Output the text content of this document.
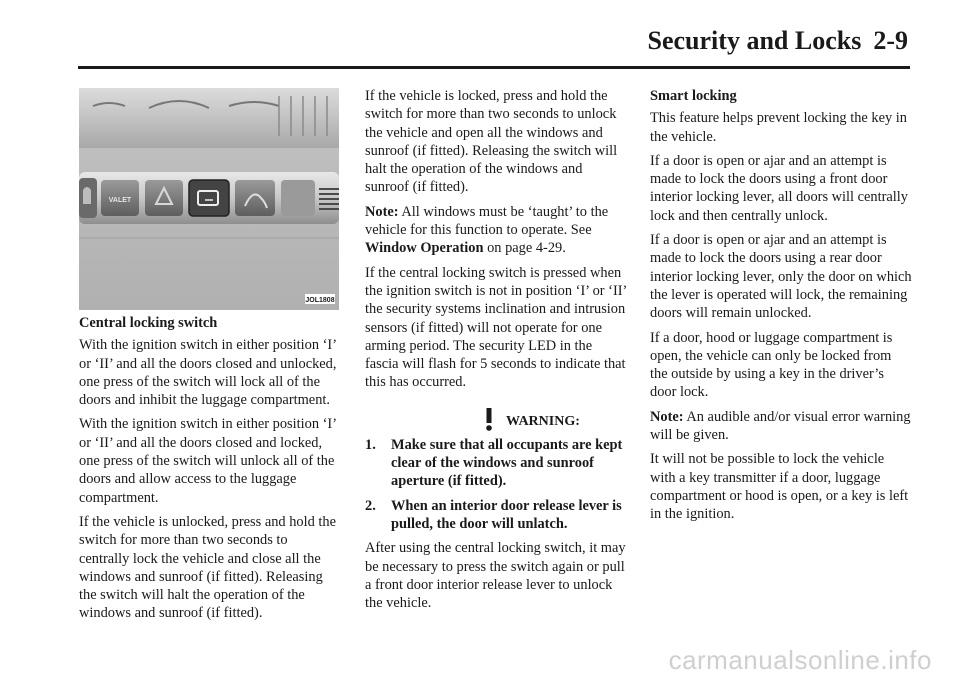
Security and Locks 2-9
VALET
JOL1808

Central locking switch

With the ignition switch in either position ‘I’ or ‘II’ and all the doors closed and unlocked, one press of the switch will lock all of the doors and inhibit the luggage compartment.

With the ignition switch in either position ‘I’ or ‘II’ and all the doors closed and locked, one press of the switch will unlock all of the doors and allow access to the luggage compartment.

If the vehicle is unlocked, press and hold the switch for more than two seconds to centrally lock the vehicle and close all the windows and sunroof (if fitted). Releasing the switch will halt the operation of the windows and sunroof (if fitted).

If the vehicle is locked, press and hold the switch for more than two seconds to unlock the vehicle and open all the windows and sunroof (if fitted). Releasing the switch will halt the operation of the windows and sunroof (if fitted).

Note: All windows must be ‘taught’ to the vehicle for this function to operate. See Window Operation on page 4-29.

If the central locking switch is pressed when the ignition switch is not in position ‘I’ or ‘II’ the security systems inclination and intrusion sensors (if fitted) will not operate for one arming period. The security LED in the fascia will flash for 5 seconds to indicate that this has occurred.

WARNING:
1.	Make sure that all occupants are kept clear of the windows and sunroof aperture (if fitted).
2.	When an interior door release lever is pulled, the door will unlatch.

After using the central locking switch, it may be necessary to press the switch again or pull a front door interior release lever to unlock the vehicle.

Smart locking

This feature helps prevent locking the key in the vehicle.

If a door is open or ajar and an attempt is made to lock the doors using a front door interior locking lever, all doors will centrally lock and then centrally unlock.

If a door is open or ajar and an attempt is made to lock the doors using a rear door interior locking lever, only the door on which the lever is operated will lock, the remaining doors will remain unlocked.

If a door, hood or luggage compartment is open, the vehicle can only be locked from the outside by using a key in the driver’s door lock.

Note: An audible and/or visual error warning will be given.

It will not be possible to lock the vehicle with a key transmitter if a door, luggage compartment or hood is open, or a key is left in the ignition.

carmanualsonline.info
